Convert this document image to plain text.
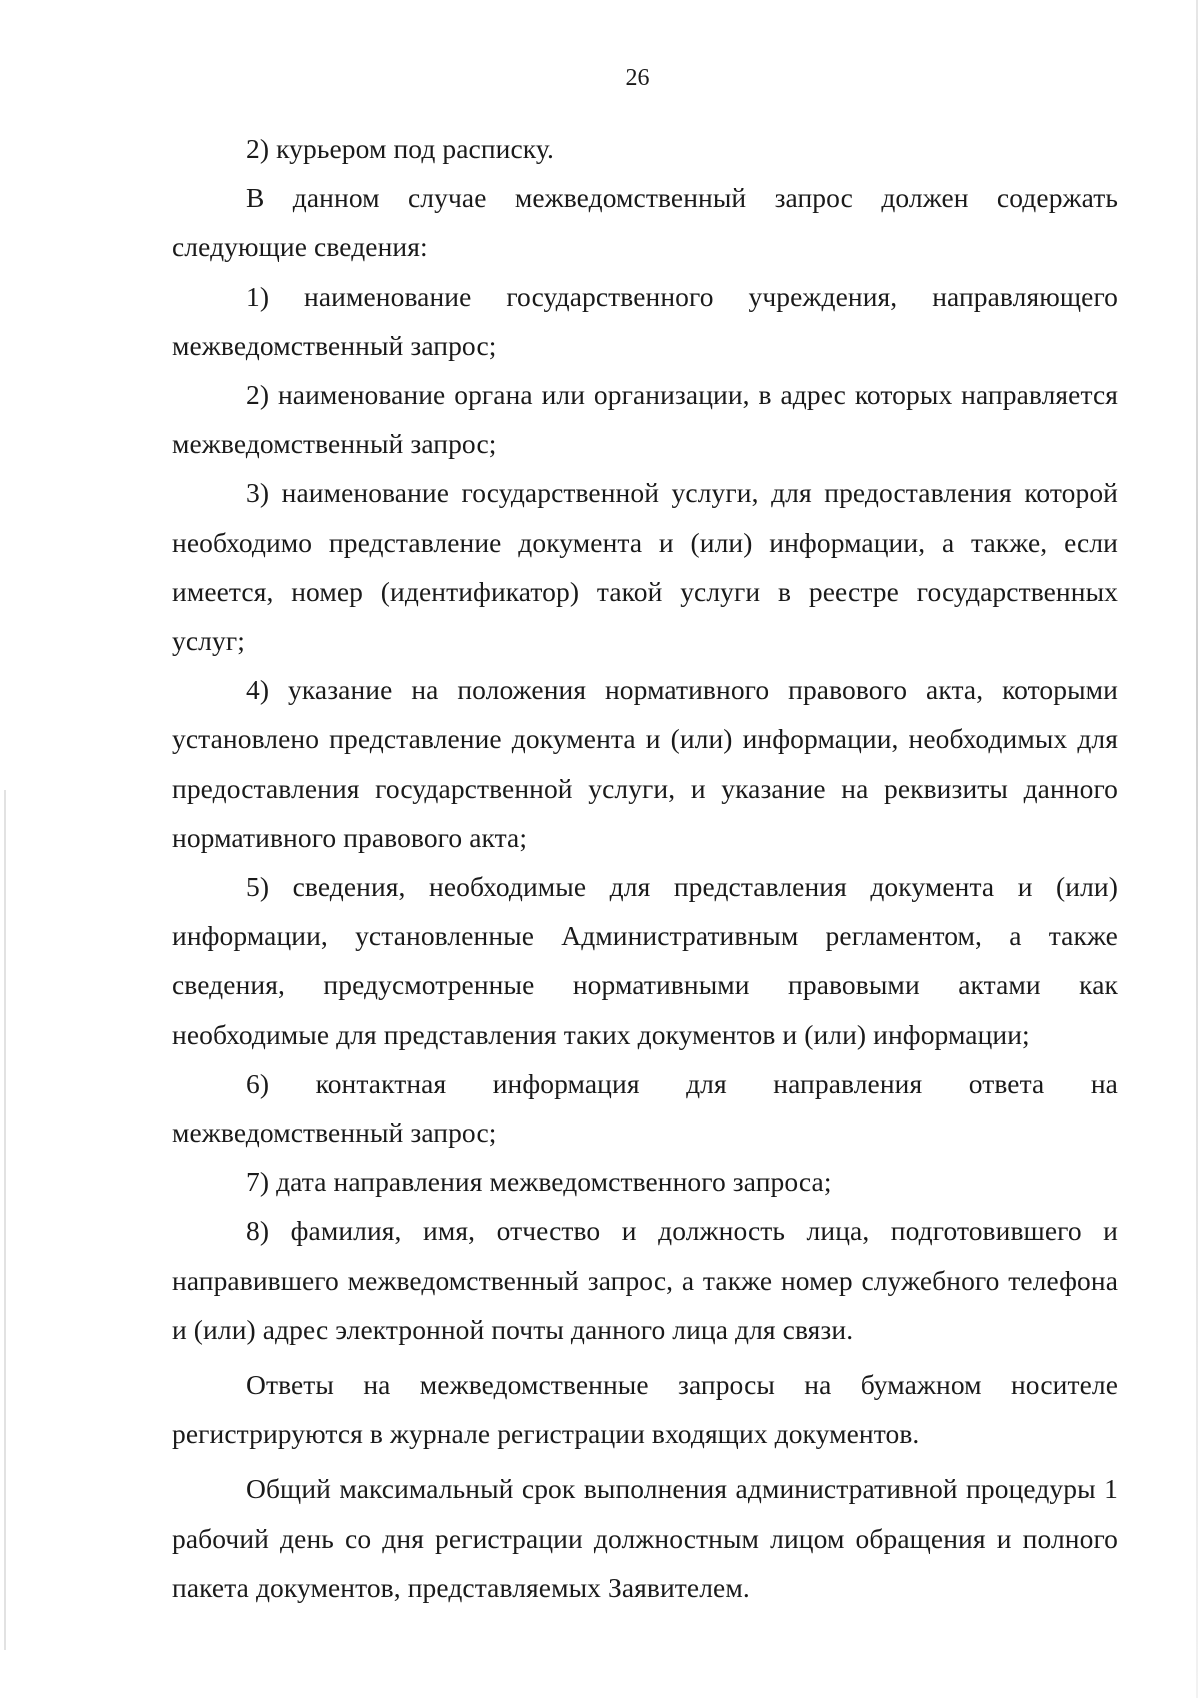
26

2) курьером под расписку.

В данном случае межведомственный запрос должен содержать следующие сведения:

1) наименование государственного учреждения, направляющего межведомственный запрос;

2) наименование органа или организации, в адрес которых направляется межведомственный запрос;

3) наименование государственной услуги, для предоставления которой необходимо представление документа и (или) информации, а также, если имеется, номер (идентификатор) такой услуги в реестре государственных услуг;

4) указание на положения нормативного правового акта, которыми установлено представление документа и (или) информации, необходимых для предоставления государственной услуги, и указание на реквизиты данного нормативного правового акта;

5) сведения, необходимые для представления документа и (или) информации, установленные Административным регламентом, а также сведения, предусмотренные нормативными правовыми актами как необходимые для представления таких документов и (или) информации;

6) контактная информация для направления ответа на межведомственный запрос;

7) дата направления межведомственного запроса;

8) фамилия, имя, отчество и должность лица, подготовившего и направившего межведомственный запрос, а также номер служебного телефона и (или) адрес электронной почты данного лица для связи.

Ответы на межведомственные запросы на бумажном носителе регистрируются в журнале регистрации входящих документов.

Общий максимальный срок выполнения административной процедуры 1 рабочий день со дня регистрации должностным лицом обращения и полного пакета документов, представляемых Заявителем.
